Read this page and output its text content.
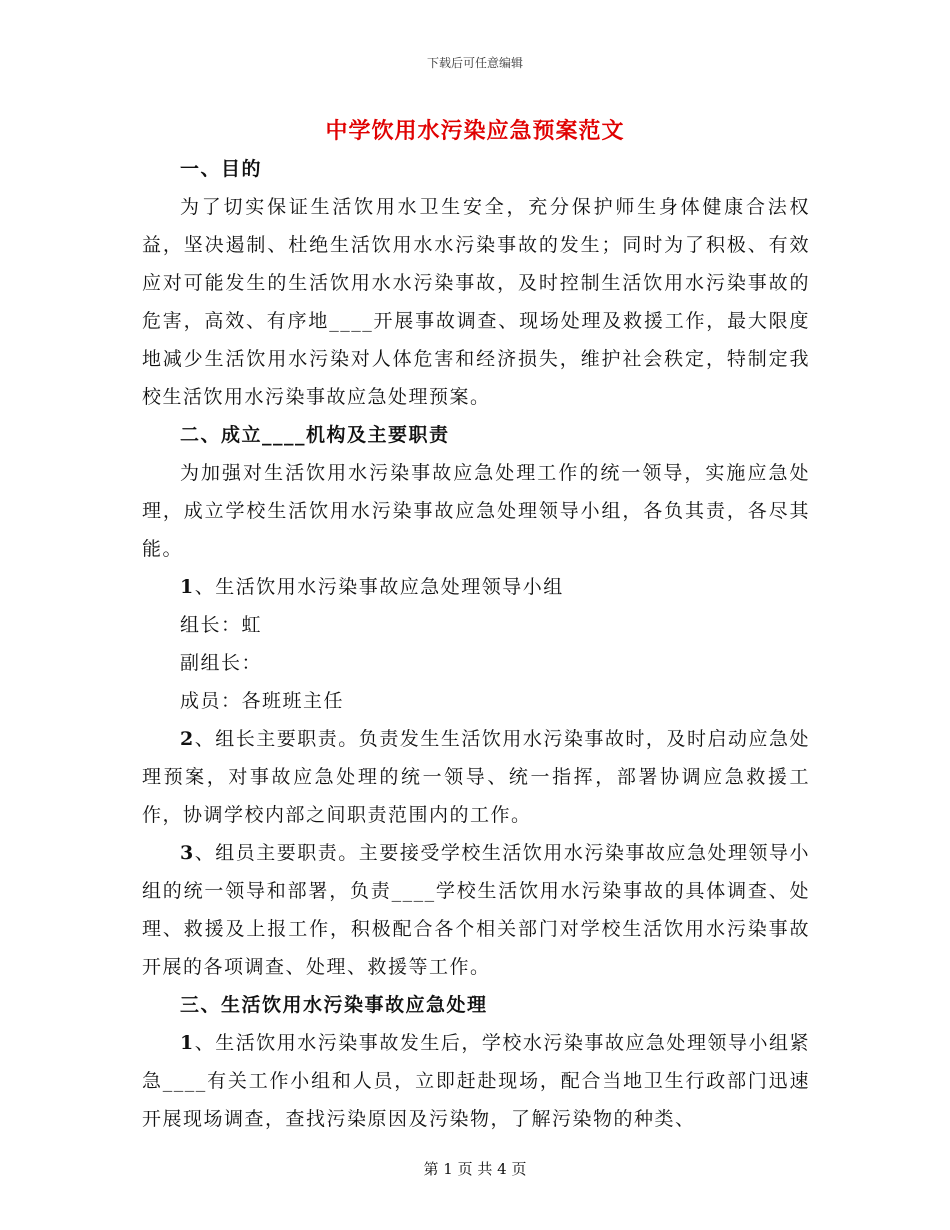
下载后可任意编辑
中学饮用水污染应急预案范文

一、目的

为了切实保证生活饮用水卫生安全，充分保护师生身体健康合法权益，坚决遏制、杜绝生活饮用水水污染事故的发生；同时为了积极、有效应对可能发生的生活饮用水水污染事故，及时控制生活饮用水污染事故的危害，高效、有序地____开展事故调查、现场处理及救援工作，最大限度地减少生活饮用水污染对人体危害和经济损失，维护社会秩定，特制定我校生活饮用水污染事故应急处理预案。

二、成立____机构及主要职责

为加强对生活饮用水污染事故应急处理工作的统一领导，实施应急处理，成立学校生活饮用水污染事故应急处理领导小组，各负其责，各尽其能。

1、生活饮用水污染事故应急处理领导小组

组长：虹

副组长：

成员：各班班主任

2、组长主要职责。负责发生生活饮用水污染事故时，及时启动应急处理预案，对事故应急处理的统一领导、统一指挥，部署协调应急救援工作，协调学校内部之间职责范围内的工作。

3、组员主要职责。主要接受学校生活饮用水污染事故应急处理领导小组的统一领导和部署，负责____学校生活饮用水污染事故的具体调查、处理、救援及上报工作，积极配合各个相关部门对学校生活饮用水污染事故开展的各项调查、处理、救援等工作。

三、生活饮用水污染事故应急处理

1、生活饮用水污染事故发生后，学校水污染事故应急处理领导小组紧急____有关工作小组和人员，立即赶赴现场，配合当地卫生行政部门迅速开展现场调查，查找污染原因及污染物，了解污染物的种类、

第 1 页 共 4 页
